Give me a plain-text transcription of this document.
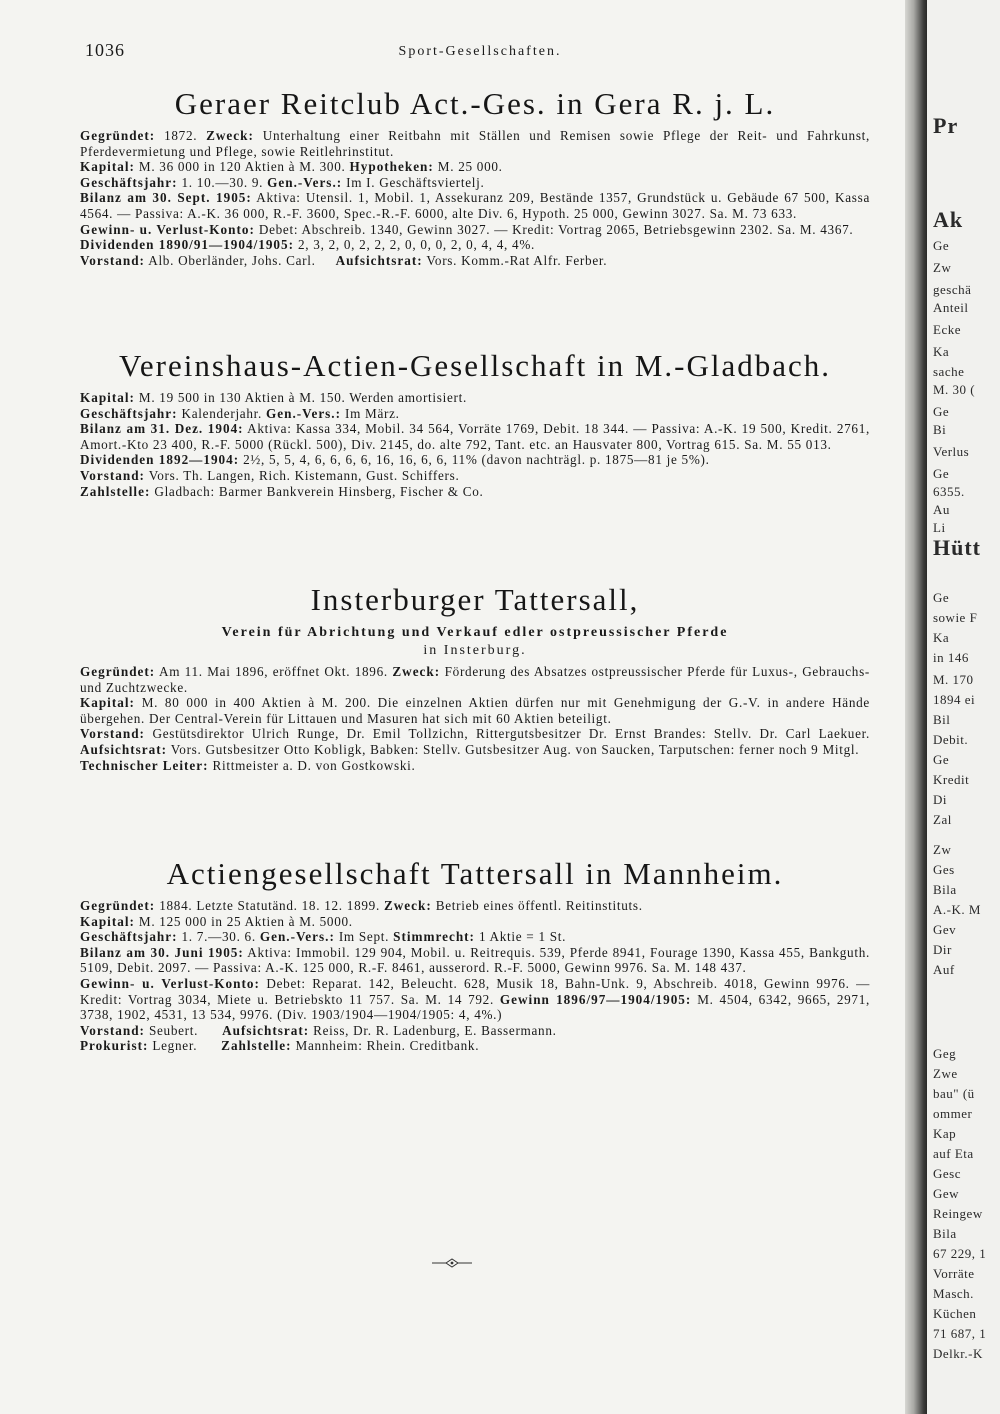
1036	Sport-Gesellschaften.
Geraer Reitclub Act.-Ges. in Gera R. j. L.

Gegründet: 1872. Zweck: Unterhaltung einer Reitbahn mit Ställen und Remisen sowie Pflege der Reit- und Fahrkunst, Pferdevermietung und Pflege, sowie Reitlehrinstitut.

Kapital: M. 36 000 in 120 Aktien à M. 300. Hypotheken: M. 25 000.

Geschäftsjahr: 1. 10.—30. 9. Gen.-Vers.: Im I. Geschäftsviertelj.

Bilanz am 30. Sept. 1905: Aktiva: Utensil. 1, Mobil. 1, Assekuranz 209, Bestände 1357, Grundstück u. Gebäude 67 500, Kassa 4564. — Passiva: A.-K. 36 000, R.-F. 3600, Spec.-R.-F. 6000, alte Div. 6, Hypoth. 25 000, Gewinn 3027. Sa. M. 73 633.

Gewinn- u. Verlust-Konto: Debet: Abschreib. 1340, Gewinn 3027. — Kredit: Vortrag 2065, Betriebsgewinn 2302. Sa. M. 4367.

Dividenden 1890/91—1904/1905: 2, 3, 2, 0, 2, 2, 2, 0, 0, 0, 2, 0, 4, 4, 4%.

Vorstand: Alb. Oberländer, Johs. Carl. Aufsichtsrat: Vors. Komm.-Rat Alfr. Ferber.

Vereinshaus-Actien-Gesellschaft in M.-Gladbach.

Kapital: M. 19 500 in 130 Aktien à M. 150. Werden amortisiert.

Geschäftsjahr: Kalenderjahr. Gen.-Vers.: Im März.

Bilanz am 31. Dez. 1904: Aktiva: Kassa 334, Mobil. 34 564, Vorräte 1769, Debit. 18 344. — Passiva: A.-K. 19 500, Kredit. 2761, Amort.-Kto 23 400, R.-F. 5000 (Rückl. 500), Div. 2145, do. alte 792, Tant. etc. an Hausvater 800, Vortrag 615. Sa. M. 55 013.

Dividenden 1892—1904: 2½, 5, 5, 4, 6, 6, 6, 6, 16, 16, 6, 6, 11% (davon nachträgl. p. 1875—81 je 5%).

Vorstand: Vors. Th. Langen, Rich. Kistemann, Gust. Schiffers.

Zahlstelle: Gladbach: Barmer Bankverein Hinsberg, Fischer & Co.

Insterburger Tattersall,
Verein für Abrichtung und Verkauf edler ostpreussischer Pferde
in Insterburg.

Gegründet: Am 11. Mai 1896, eröffnet Okt. 1896. Zweck: Förderung des Absatzes ostpreussischer Pferde für Luxus-, Gebrauchs- und Zuchtzwecke.

Kapital: M. 80 000 in 400 Aktien à M. 200. Die einzelnen Aktien dürfen nur mit Genehmigung der G.-V. in andere Hände übergehen. Der Central-Verein für Littauen und Masuren hat sich mit 60 Aktien beteiligt.

Vorstand: Gestütsdirektor Ulrich Runge, Dr. Emil Tollzichn, Rittergutsbesitzer Dr. Ernst Brandes: Stellv. Dr. Carl Laekuer. Aufsichtsrat: Vors. Gutsbesitzer Otto Kobligk, Babken: Stellv. Gutsbesitzer Aug. von Saucken, Tarputschen: ferner noch 9 Mitgl.

Technischer Leiter: Rittmeister a. D. von Gostkowski.

Actiengesellschaft Tattersall in Mannheim.

Gegründet: 1884. Letzte Statutänd. 18. 12. 1899. Zweck: Betrieb eines öffentl. Reitinstituts.

Kapital: M. 125 000 in 25 Aktien à M. 5000.

Geschäftsjahr: 1. 7.—30. 6. Gen.-Vers.: Im Sept. Stimmrecht: 1 Aktie = 1 St.

Bilanz am 30. Juni 1905: Aktiva: Immobil. 129 904, Mobil. u. Reitrequis. 539, Pferde 8941, Fourage 1390, Kassa 455, Bankguth. 5109, Debit. 2097. — Passiva: A.-K. 125 000, R.-F. 8461, ausserord. R.-F. 5000, Gewinn 9976. Sa. M. 148 437.

Gewinn- u. Verlust-Konto: Debet: Reparat. 142, Beleucht. 628, Musik 18, Bahn-Unk. 9, Abschreib. 4018, Gewinn 9976. — Kredit: Vortrag 3034, Miete u. Betriebskto 11 757. Sa. M. 14 792. Gewinn 1896/97—1904/1905: M. 4504, 6342, 9665, 2971, 3738, 1902, 4531, 13 534, 9976. (Div. 1903/1904—1904/1905: 4, 4%.)

Vorstand: Seubert. Aufsichtsrat: Reiss, Dr. R. Ladenburg, E. Bassermann.

Prokurist: Legner. Zahlstelle: Mannheim: Rhein. Creditbank.

Pr
Ak
Ge
Zw
geschä
Anteil
Ecke
Ka
sache
M. 30 (
Ge
Bi
Verlus
Ge
6355.
Au
Li
Hütt
Ge
sowie F
Ka
in 146
M. 170
1894 ei
Bil
Debit.
Ge
Kredit
Di
Zal
Zw
Ges
Bila
A.-K. M
Gev
Dir
Auf
Geg
Zwe
bau" (ü
ommer
Kap
auf Eta
Gesc
Gew
Reingew
Bila
67 229, 1
Vorräte
Masch.
Küchen
71 687, 1
Delkr.-K
